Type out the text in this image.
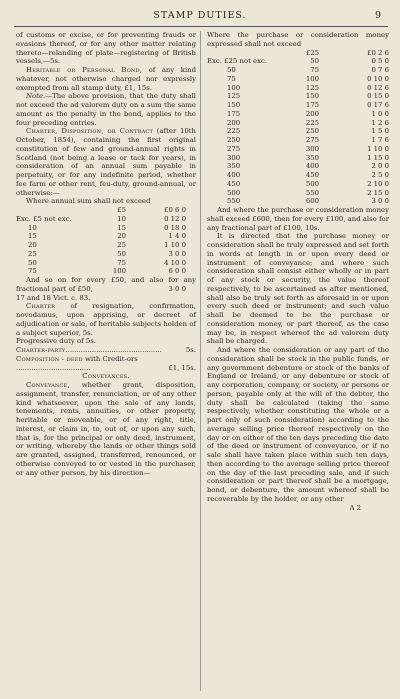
STAMP DUTIES.	9

of customs or excise, or for preventing frauds or evasions thereof, or for any other matter relating thereto—relanding of plate—registering of British vessels,—5s.

Heritable or Personal Bond, of any kind whatever, not otherwise charged nor expressly exempted from all stamp duty, £1, 15s.

Note.—The above provision, that the duty shall not exceed the ad valorem duty on a sum the same amount as the penalty in the bond, applies to the four preceding entries.

Charter, Disposition, or Contract (after 10th October, 1854), containing the first original constitution of few and ground-annual rights in Scotland (not being a lease or tack for years), in consideration of an annual sum payable in perpetuity, or for any indefinite period, whether fee farm or other rent, feu-duty, ground-annual, or otherwise:—

Where annual sum shall not exceed

	£5	£0 6 0
Exc. £5 not exc.	10	0 12 0
10	15	0 18 0
15	20	1 4 0
20	25	1 10 0
25	50	3 0 0
50	75	4 10 0
75	100	6 0 0

And so on for every £50, and also for any fractional part of £50,	3 0 0

17 and 18 Vict. c. 83.

Charter of resignation, confirmation, novodamus, upon apprising, or decreet of adjudication or sale, of heritable subjects holden of a subject superior, 5s.

Progressive duty of 5s.

Charter-party............................................	5s.

Composition - deed with Credit-ors

..................................	£1, 15s.

Conveyances.

Conveyance, whether grant, disposition, assignment, transfer, renunciation, or of any other kind whatsoever, upon the sale of any lands, tenements, rents, annuities, or other property, heritable or moveable, or of any right, title, interest, or claim in, to, out of, or upon any such, that is, for the principal or only deed, instrument, or writing, whereby the lands or other things sold are granted, assigned, transferred, renounced, or otherwise conveyed to or vested in the purchaser, or any other person, by his direction—

Where the purchase or consideration money expressed shall not exceed

	£25	£0 2 6
Exc. £25 not exc.	50	0 5 0
50	75	0 7 6
75	100	0 10 0
100	125	0 12 6
125	150	0 15 0
150	175	0 17 6
175	200	1 0 0
200	225	1 2 6
225	250	1 5 0
250	275	1 7 6
275	300	1 10 0
300	350	1 15 0
350	400	2 0 0
400	450	2 5 0
450	500	2 10 0
500	550	2 15 0
550	600	3 0 0

And where the purchase or consideration money shall exceed £600, then for every £100, and also for any fractional part of £100, 10s.

It is directed that the purchase money or consideration shall be truly expressed and set forth in words at length in or upon every deed or instrument of conveyance; and where such consideration shall consist either wholly or in part of any stock or security, the value thereof respectively, to be ascertained as after mentioned, shall also be truly set forth as aforesaid in or upon every such deed or instrument; and such value shall be deemed to be the purchase or consideration money, or part thereof, as the case may be, in respect whereof the ad valorem duty shall be charged.

And where the consideration or any part of the consideration shall be stock in the public funds, or any government debenture or stock of the banks of England or Ireland, or any debenture or stock of any corporation, company, or society, or persons or person, payable only at the will of the debtor, the duty shall be calculated (taking the same respectively, whether constituting the whole or a part only of such consideration) according to the average selling price thereof respectively on the day or on either of the ten days preceding the date of the deed or instrument of conveyance, or if no sale shall have taken place within such ten days, then according to the average selling price thereof on the day of the last preceding sale, and if such consideration or part thereof shall be a mortgage, bond, or debenture, the amount whereof shall be recoverable by the holder, or any other

A 2
